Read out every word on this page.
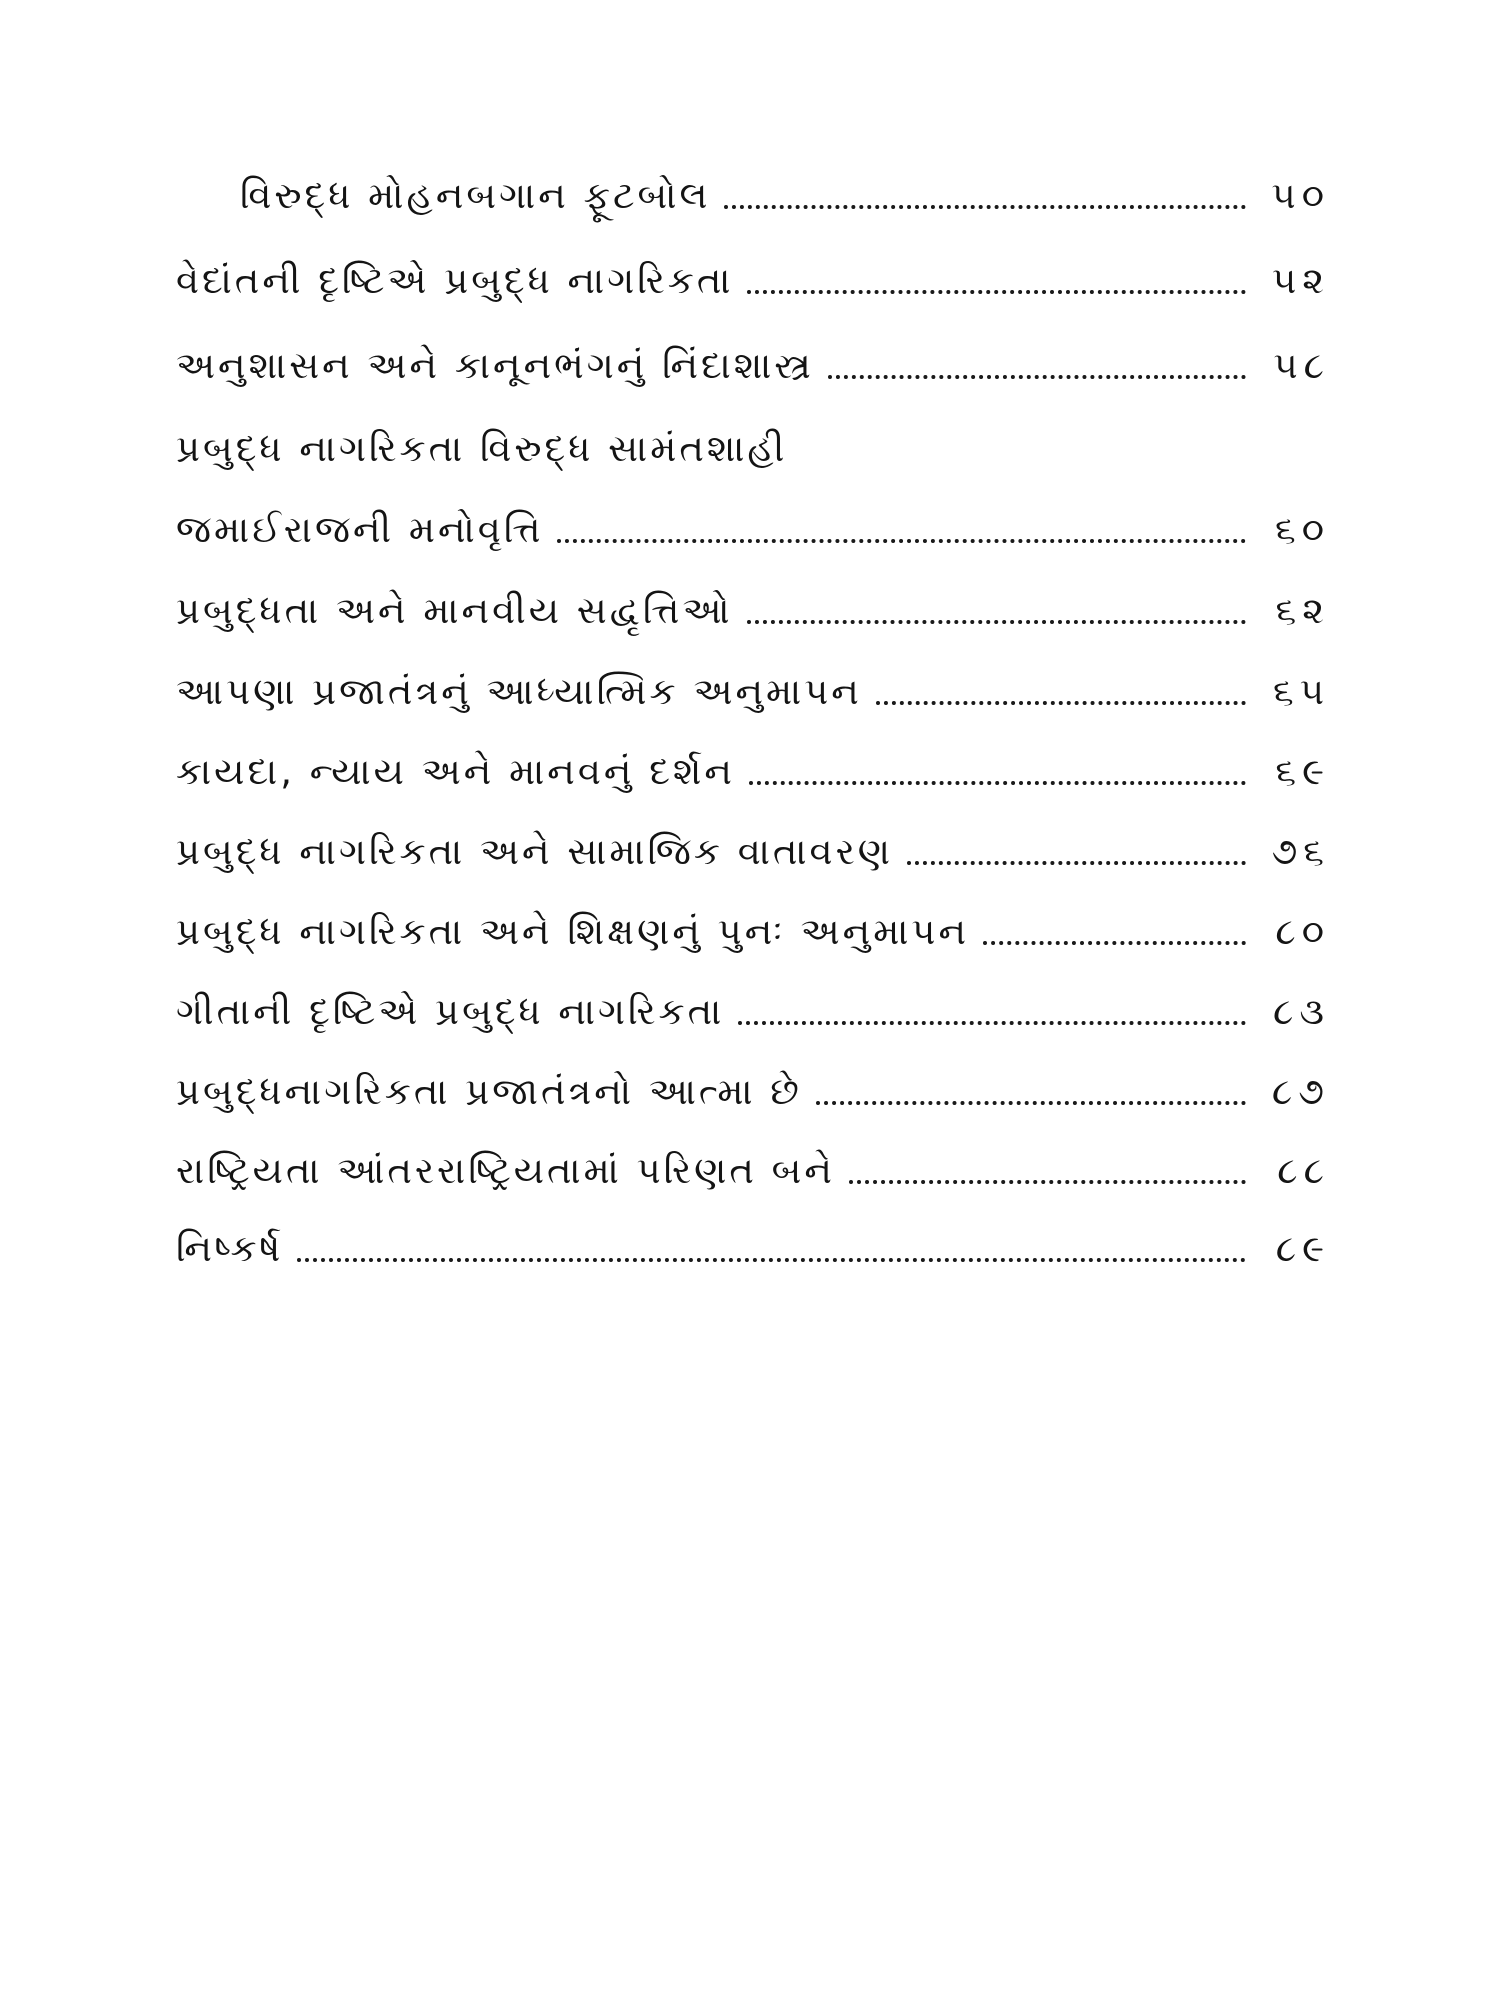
વિરુદ્ધ મોહનબગાન ફૂટબોલ	૫૦
વેદાંતની દૃષ્ટિએ પ્રબુદ્ધ નાગરિકતા	૫૨
અનુશાસન અને કાનૂનભંગનું નિંદાશાસ્ત્ર	૫૮
પ્રબુદ્ધ નાગરિકતા વિરુદ્ધ સામંતશાહી
જમાઈરાજની મનોવૃત્તિ	૬૦
પ્રબુદ્ધતા અને માનવીય સદ્વૃત્તિઓ	૬૨
આપણા પ્રજાતંત્રનું આધ્યાત્મિક અનુમાપન	૬૫
કાયદા, ન્યાય અને માનવનું દર્શન	૬૯
પ્રબુદ્ધ નાગરિકતા અને સામાજિક વાતાવરણ	૭૬
પ્રબુદ્ધ નાગરિકતા અને શિક્ષણનું પુનઃ અનુમાપન	૮૦
ગીતાની દૃષ્ટિએ પ્રબુદ્ધ નાગરિકતા	૮૩
પ્રબુદ્ધનાગરિકતા પ્રજાતંત્રનો આત્મા છે	૮૭
રાષ્ટ્રિયતા આંતરરાષ્ટ્રિયતામાં પરિણત બને	૮૮
નિષ્કર્ષ	૮૯
